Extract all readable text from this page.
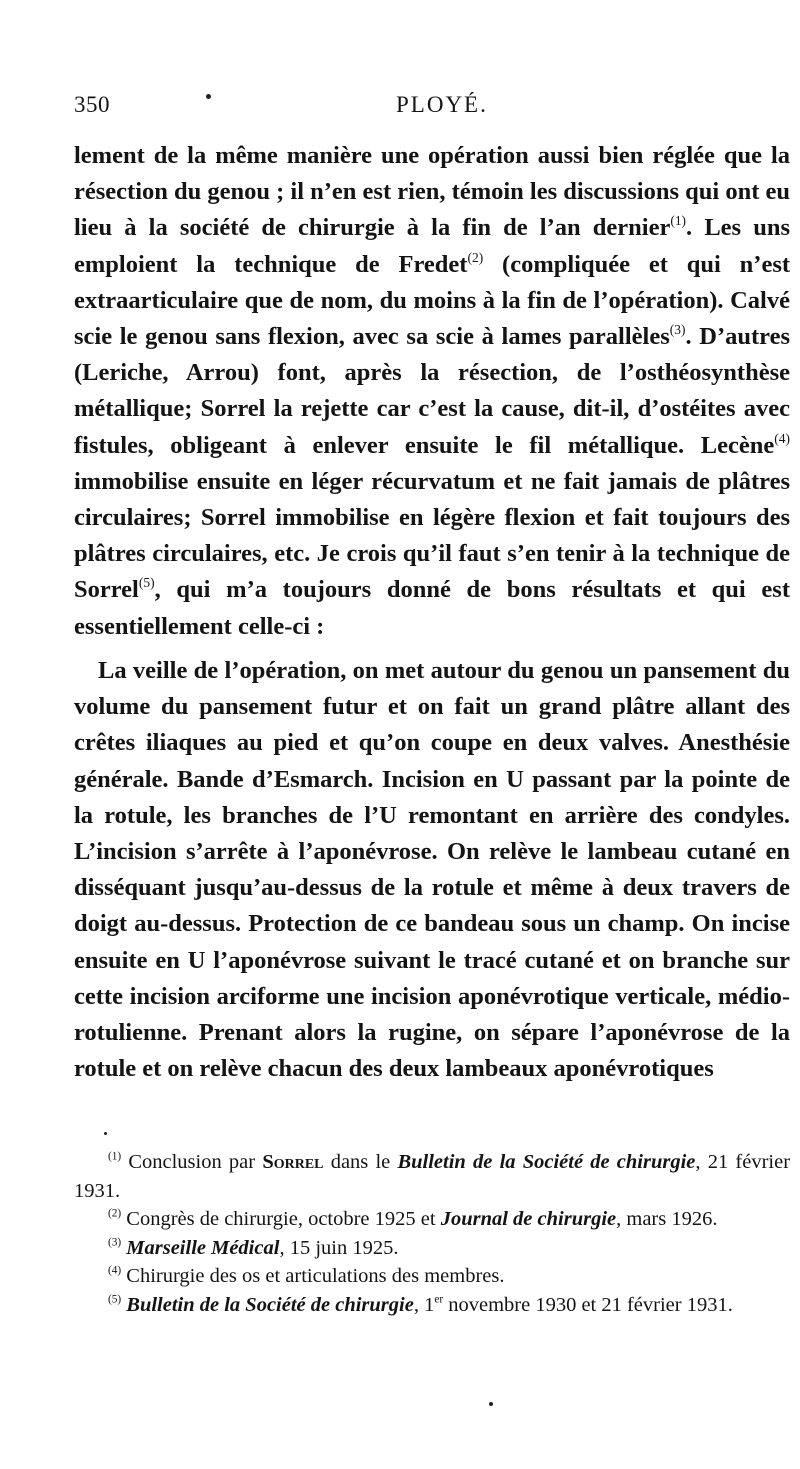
350	PLOYÉ.
lement de la même manière une opération aussi bien réglée que la résection du genou ; il n’en est rien, témoin les discussions qui ont eu lieu à la société de chirurgie à la fin de l’an dernier$^{(1)}$. Les uns emploient la technique de Fredet$^{(2)}$ (compliquée et qui n’est extraarticulaire que de nom, du moins à la fin de l’opération). Calvé scie le genou sans flexion, avec sa scie à lames parallèles$^{(3)}$. D’autres (Leriche, Arrou) font, après la résection, de l’osthéosynthèse métallique; Sorrel la rejette car c’est la cause, dit-il, d’ostéites avec fistules, obligeant à enlever ensuite le fil métallique. Lecène$^{(4)}$ immobilise ensuite en léger récurvatum et ne fait jamais de plâtres circulaires; Sorrel immobilise en légère flexion et fait toujours des plâtres circulaires, etc. Je crois qu’il faut s’en tenir à la technique de Sorrel$^{(5)}$, qui m’a toujours donné de bons résultats et qui est essentiellement celle-ci :
La veille de l’opération, on met autour du genou un pansement du volume du pansement futur et on fait un grand plâtre allant des crêtes iliaques au pied et qu’on coupe en deux valves. Anesthésie générale. Bande d’Esmarch. Incision en U passant par la pointe de la rotule, les branches de l’U remontant en arrière des condyles. L’incision s’arrête à l’aponévrose. On relève le lambeau cutané en disséquant jusqu’au-dessus de la rotule et même à deux travers de doigt au-dessus. Protection de ce bandeau sous un champ. On incise ensuite en U l’aponévrose suivant le tracé cutané et on branche sur cette incision arciforme une incision aponévrotique verticale, médio-rotulienne. Prenant alors la rugine, on sépare l’aponévrose de la rotule et on relève chacun des deux lambeaux aponévrotiques

$^{(1)}$ Conclusion par Sorrel dans le Bulletin de la Société de chirurgie, 21 février 1931.

$^{(2)}$ Congrès de chirurgie, octobre 1925 et Journal de chirurgie, mars 1926.

$^{(3)}$ Marseille Médical, 15 juin 1925.

$^{(4)}$ Chirurgie des os et articulations des membres.

$^{(5)}$ Bulletin de la Société de chirurgie, 1er novembre 1930 et 21 février 1931.
